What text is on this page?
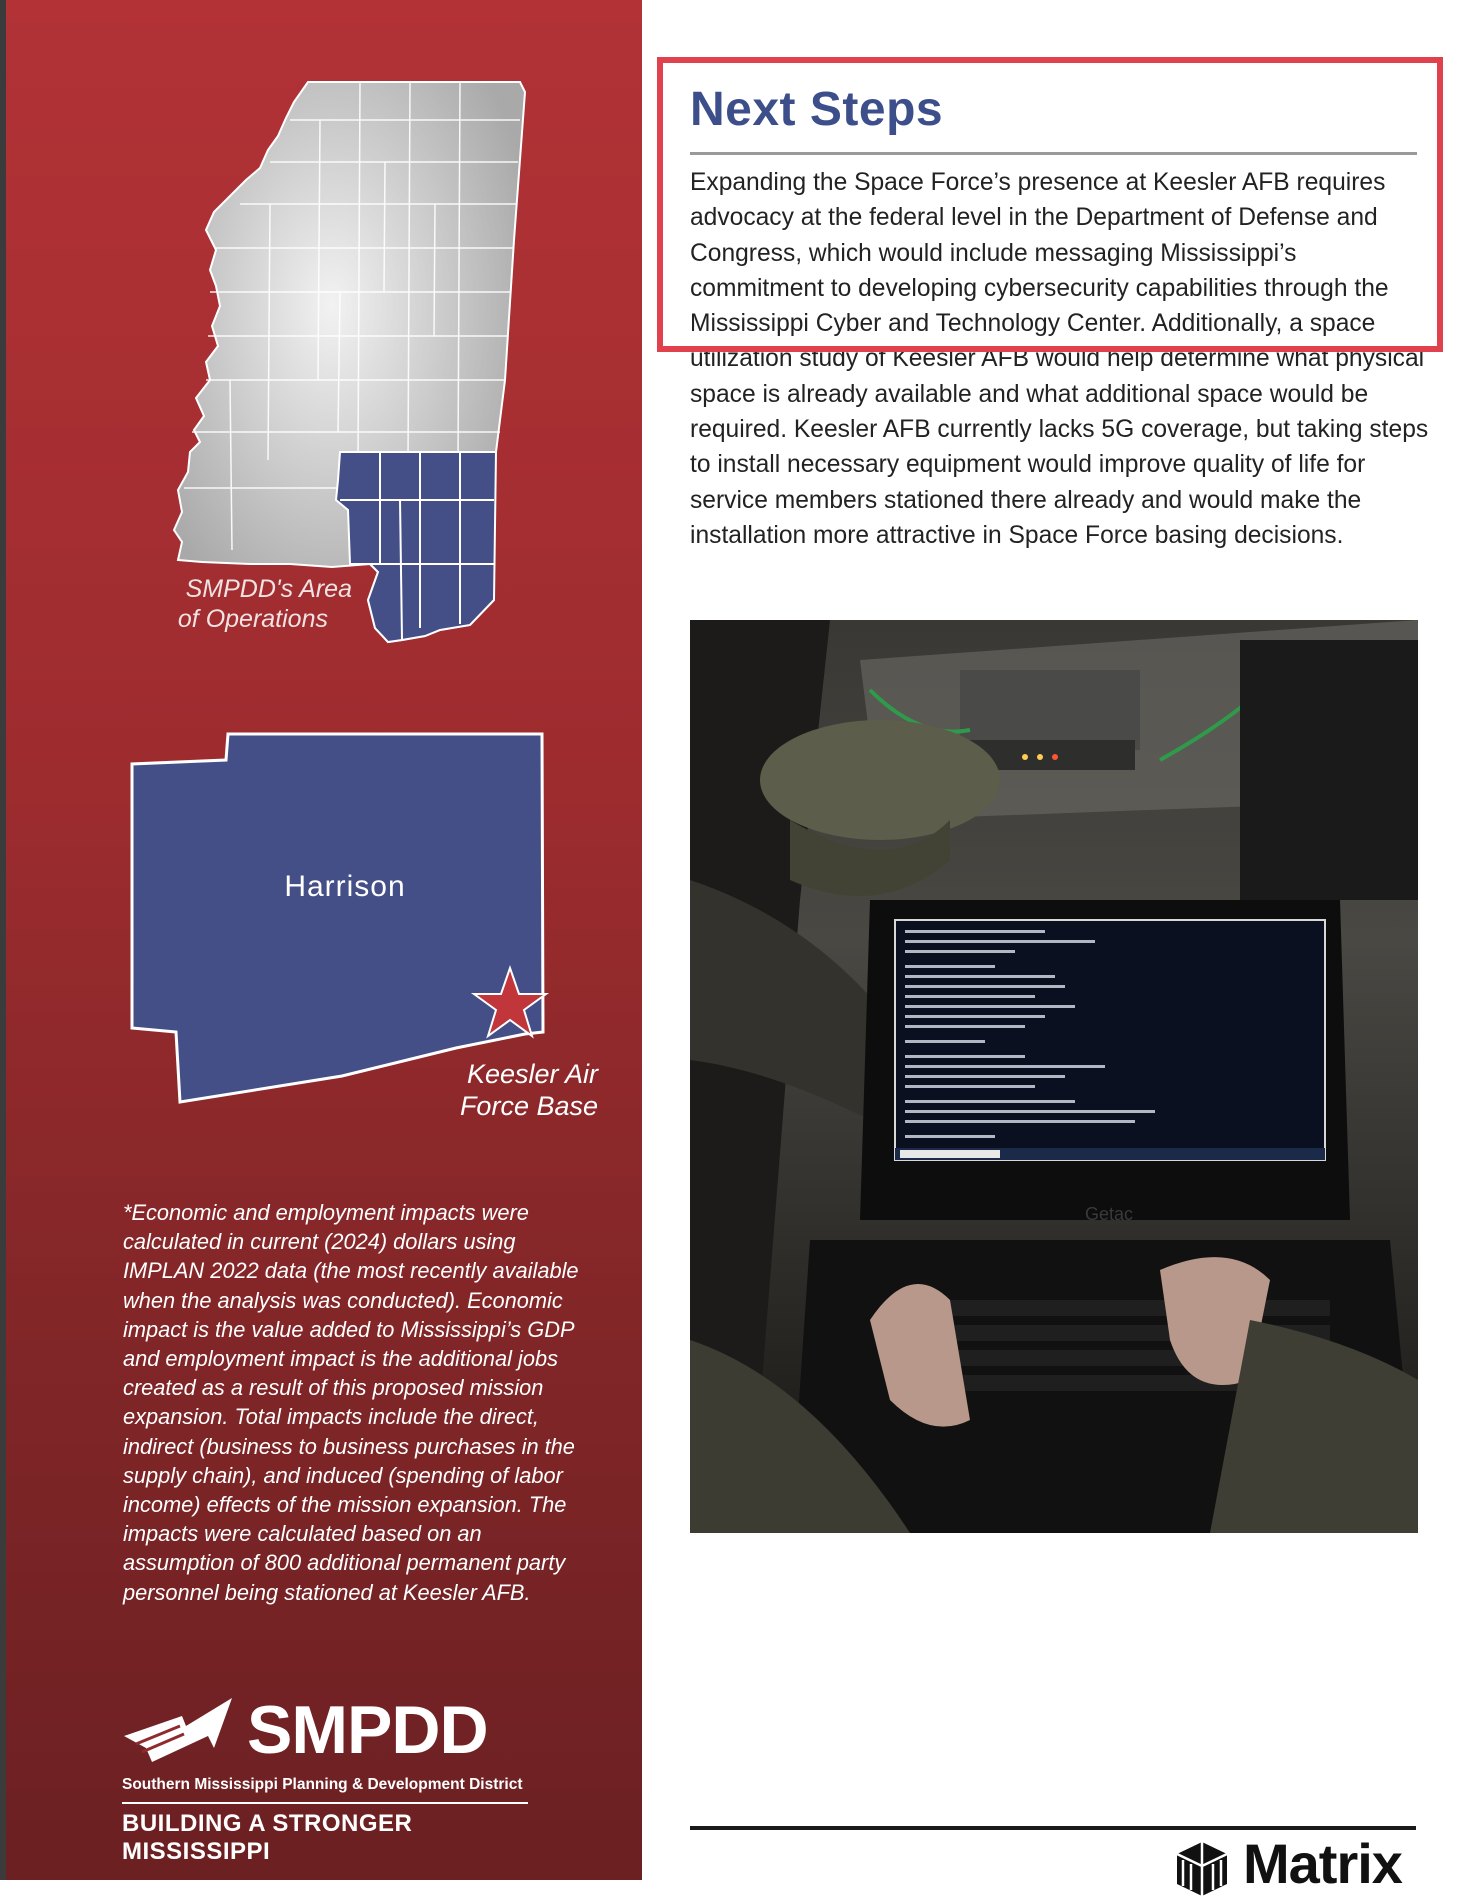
SMPDD's Area
of Operations
Harrison
Keesler Air
Force Base
*Economic and employment impacts were calculated in current (2024) dollars using IMPLAN 2022 data (the most recently available when the analysis was conducted). Economic impact is the value added to Mississippi’s GDP and employment impact is the additional jobs created as a result of this proposed mission expansion. Total impacts include the direct, indirect (business to business purchases in the supply chain), and induced (spending of labor income) effects of the mission expansion. The impacts were calculated based on an assumption of 800 additional permanent party personnel being stationed at Keesler AFB.
SMPDD
Southern Mississippi Planning & Development District
BUILDING A STRONGER MISSISSIPPI
Next Steps
Expanding the Space Force’s presence at Keesler AFB requires advocacy at the federal level in the Department of Defense and Congress, which would include messaging Mississippi’s commitment to developing cybersecurity capabilities through the Mississippi Cyber and Technology Center. Additionally, a space utilization study of Keesler AFB would help determine what physical space is already available and what additional space would be required. Keesler AFB currently lacks 5G coverage, but taking steps to install necessary equipment would improve quality of life for service members stationed there already and would make the installation more attractive in Space Force basing decisions.
Getac
Matrix
